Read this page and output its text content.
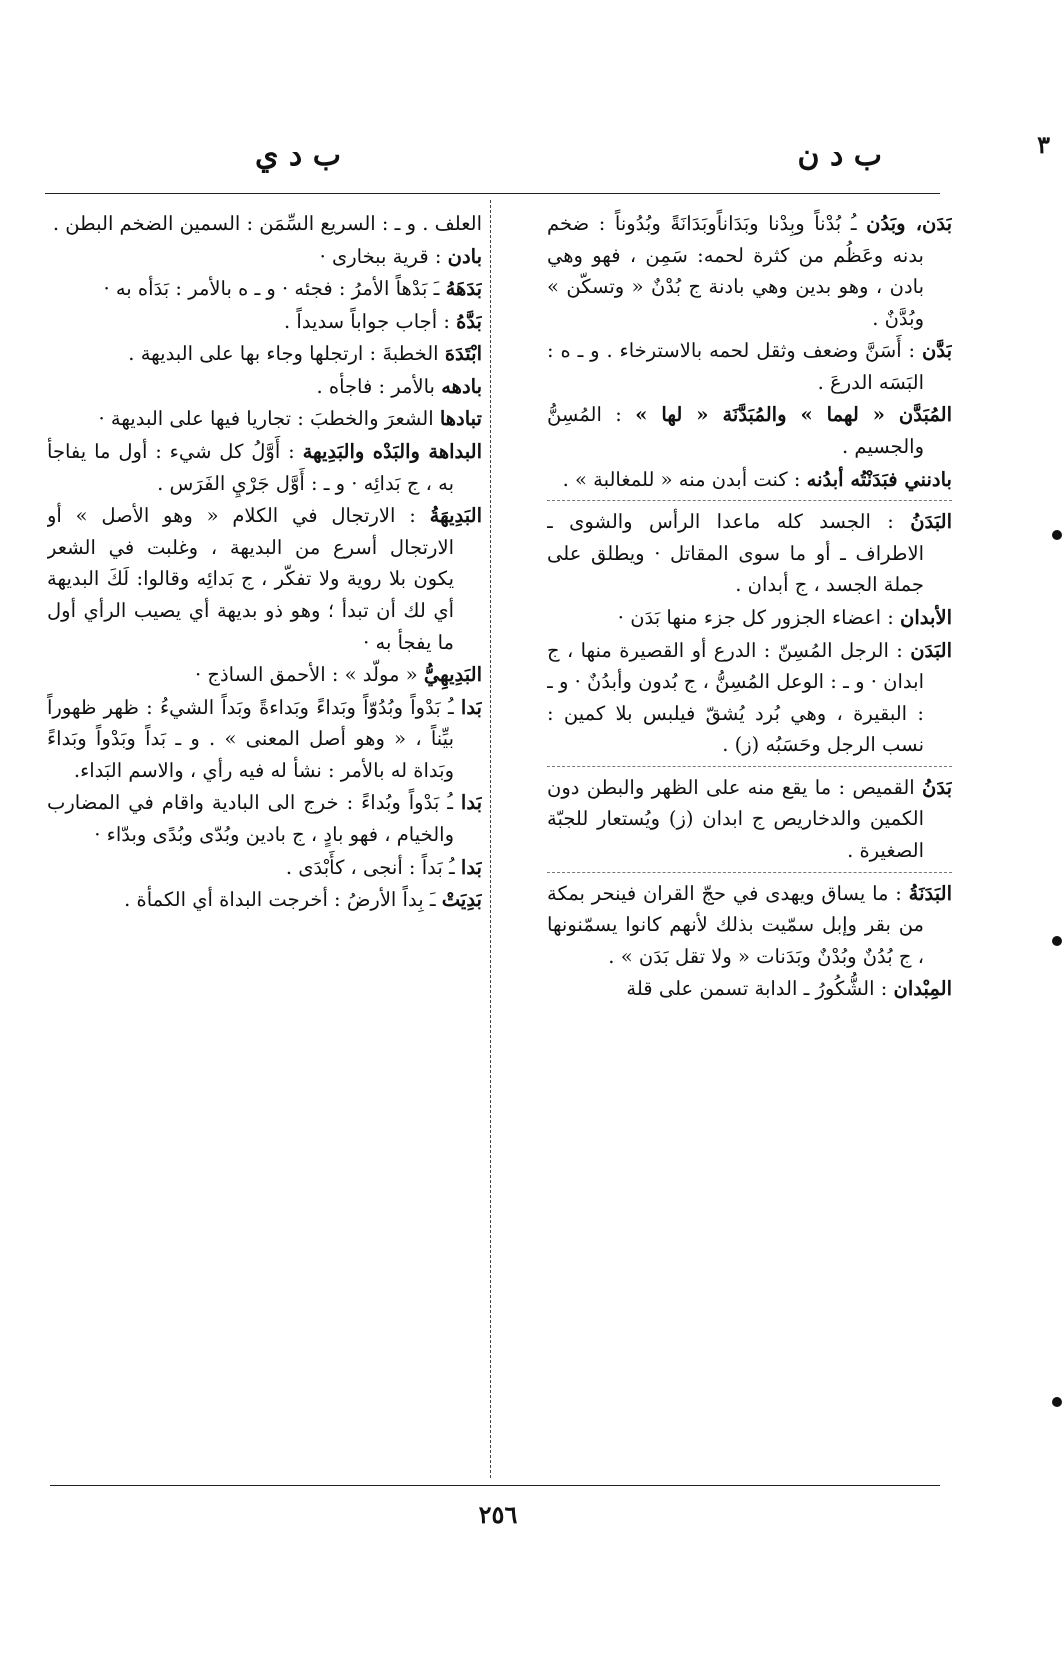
٣
ب د ن
ب د ي

بَدَن، وبَدُن ـُ بُدْناً وبِدْنا وبَدَاناًوبَدَانَةً وبُدُوناً : ضخم بدنه وعَظُم من كثرة لحمه: سَمِن ، فهو وهي بادن ، وهو بدين وهي بادنة ج بُدْنٌ « وتسكّن » وبُدَّنٌ .

بَدَّن : أَسَنَّ وضعف وثقل لحمه بالاسترخاء . و ـ ه : البَسَه الدرعَ .

المُبَدَّن « لهما » والمُبَدَّنَة « لها » : المُسِنُّ والجسيم .

بادنني فبَدَنْتُه أبدُنه : كنت أبدن منه « للمغالبة » .

البَدَنُ : الجسد كله ماعدا الرأس والشوى ـ الاطراف ـ أو ما سوى المقاتل · ويطلق على جملة الجسد ، ج أبدان .

الأبدان : اعضاء الجزور كل جزء منها بَدَن ·

البَدَن : الرجل المُسِنّ : الدرع أو القصيرة منها ، ج ابدان · و ـ : الوعل المُسِنُّ ، ج بُدون وأبدُنٌ · و ـ : البقيرة ، وهي بُرد يُشقّ فيلبس بلا كمين : نسب الرجل وحَسَبُه (ز) .

بَدَنُ القميص : ما يقع منه على الظهر والبطن دون الكمين والدخاريص ج ابدان (ز) ويُستعار للجبّة الصغيرة .

البَدَنَةُ : ما يساق ويهدى في حجّ القران فينحر بمكة من بقر وإبل سمّيت بذلك لأنهم كانوا يسمّنونها ، ج بُدُنٌ وبُدْنٌ وبَدَنات « ولا تقل بَدَن » .

المِبْدان : الشُّكُورُ ـ الدابة تسمن على قلة

العلف . و ـ : السريع السِّمَن : السمين الضخم البطن .

بادن : قرية ببخارى ·

بَدَهَهُ ـَ بَدْهاً الأمرُ : فجئه · و ـ ه بالأمر : بَدَأه به ·

بَدَّهُ : أجاب جواباً سديداً .

ابْتَدَهَ الخطبةَ : ارتجلها وجاء بها على البديهة .

بادهه بالأمر : فاجأه .

تبادها الشعرَ والخطبَ : تجاريا فيها على البديهة ·

البداهة والبَدْه والبَدِيهة : أَوَّلُ كل شيء : أول ما يفاجأ به ، ج بَدائِه · و ـ : أَوَّل جَرْيِ الفَرَس .

البَدِيهَةُ : الارتجال في الكلام « وهو الأصل » أو الارتجال أسرع من البديهة ، وغلبت في الشعر يكون بلا روية ولا تفكّر ، ج بَدائِه وقالوا: لَكَ البديهة أي لك أن تبدأ ؛ وهو ذو بديهة أي يصيب الرأي أول ما يفجأ به ·

البَدِيهِيُّ « مولّد » : الأحمق الساذج ·

بَدا ـُ بَدْواً وبُدُوّاً وبَداءً وبَداءةً وبَداً الشيءُ : ظهر ظهوراً بيِّناً ، « وهو أصل المعنى » . و ـ بَداً وبَدْواً وبَداءً وبَداة له بالأمر : نشأ له فيه رأي ، والاسم البَداء.

بَدا ـُ بَدْواً وبُداءً : خرج الى البادية واقام في المضارب والخيام ، فهو بادٍ ، ج بادين وبُدّى وبُدًى وبدّاء ·

بَدا ـُ بَداً : أنجى ، كأَبْدَى .

بَدِيَتْ ـَ بِداً الأرضُ : أخرجت البداة أي الكمأة .

٢٥٦
